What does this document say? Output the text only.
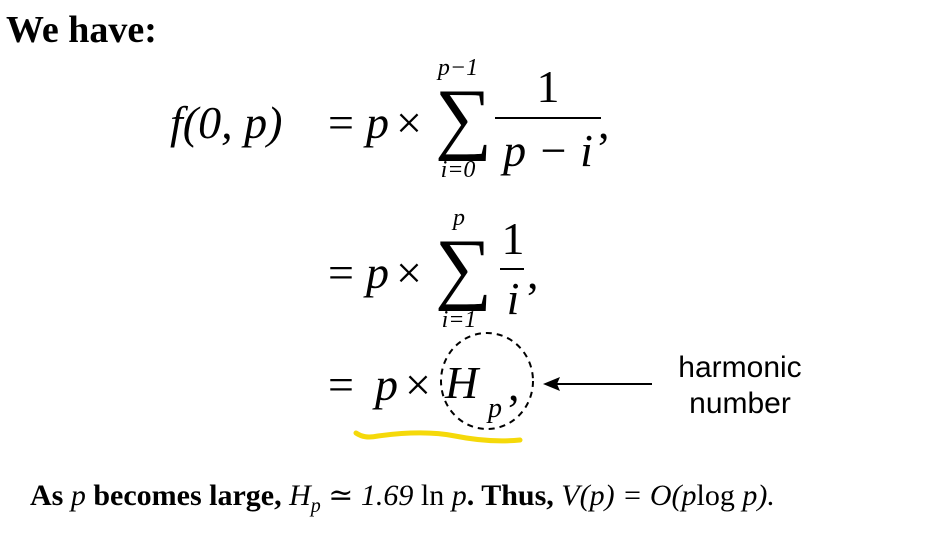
We have:
f(0, p) = p ×
p−1
∑
i=0
1
p − i
,
= p ×
p
∑
i=1
1
i
,
= p × H
p ,	harmonic
number
As p becomes large, $H_p$ ≃ 1.69 ln p. Thus, V(p) = O(plog p).
